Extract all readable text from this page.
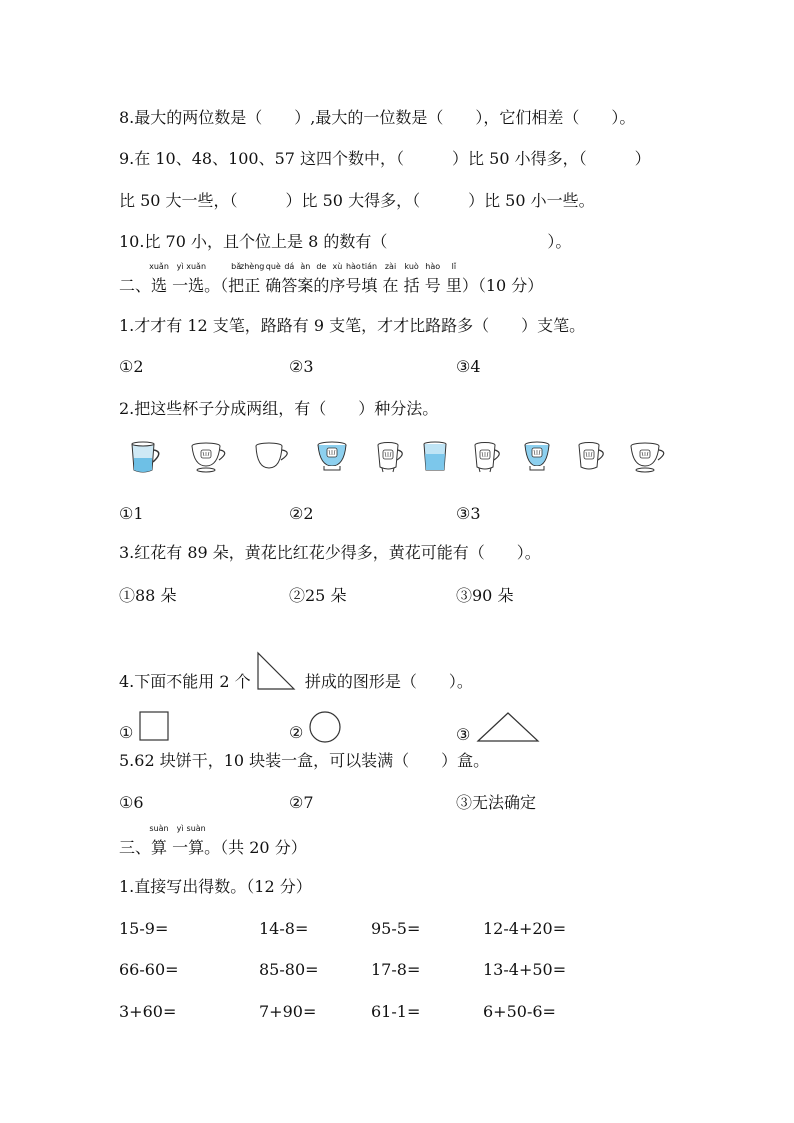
8.最大的两位数是（　　）,最大的一位数是（　　），它们相差（　　）。
9.在 10、48、100、57 这四个数中，（　　　）比 50 小得多，（　　　）
比 50 大一些，（　　　）比 50 大得多，（　　　）比 50 小一些。
10.比 70 小，且个位上是 8 的数有（　　　　　　　　　　）。
二、
xuǎn
选
yì
一
xuǎn
选。（
bǎ
把
zhèng
正
què
确
dá
答
àn
案
de
的
xù
序
hào
号
tián
填
zài
在
kuò
括
hào
号
lǐ
里）（10 分）
1.才才有 12 支笔，路路有 9 支笔，才才比路路多（　　）支笔。
①2	②3	③4
2.把这些杯子分成两组，有（　　）种分法。
①1	②2	③3
3.红花有 89 朵，黄花比红花少得多，黄花可能有（　　）。
①88 朵	②25 朵	③90 朵
4.下面不能用 2 个	拼成的图形是（　　）。
①	②	③
5.62 块饼干，10 块装一盒，可以装满（　　）盒。
①6	②7	③无法确定
三、
suàn
算
yì
一
suàn
算。（共 20 分）
1.直接写出得数。（12 分）
15-9=	14-8=	95-5=	12-4+20=
66-60=	85-80=	17-8=	13-4+50=
3+60=	7+90=	61-1=	6+50-6=
